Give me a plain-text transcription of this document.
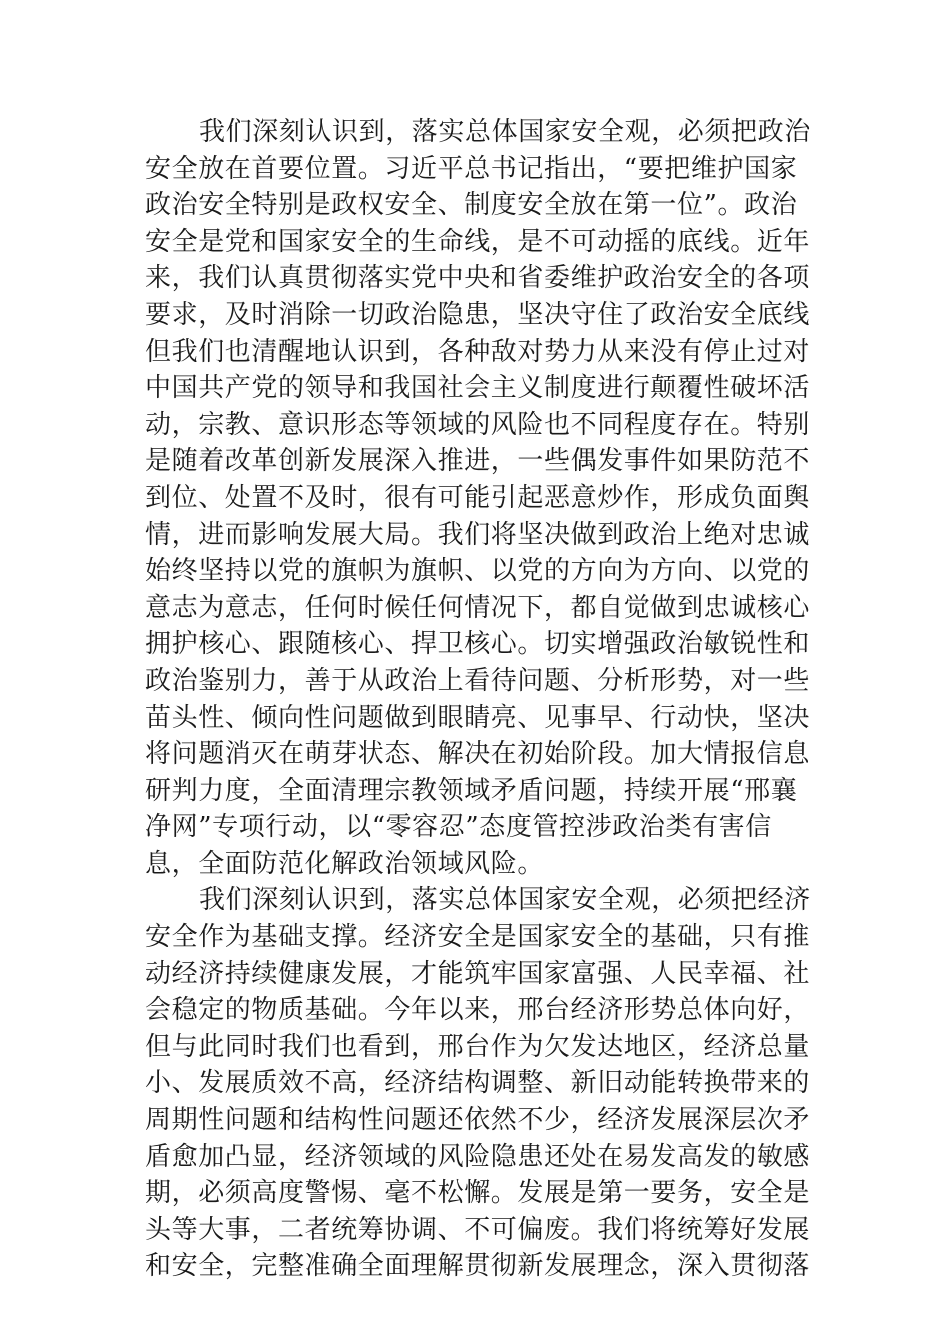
我们深刻认识到，落实总体国家安全观，必须把政治
安全放在首要位置。习近平总书记指出，“要把维护国家
政治安全特别是政权安全、制度安全放在第一位”。政治
安全是党和国家安全的生命线，是不可动摇的底线。近年
来，我们认真贯彻落实党中央和省委维护政治安全的各项
要求，及时消除一切政治隐患，坚决守住了政治安全底线
但我们也清醒地认识到，各种敌对势力从来没有停止过对
中国共产党的领导和我国社会主义制度进行颠覆性破坏活
动，宗教、意识形态等领域的风险也不同程度存在。特别
是随着改革创新发展深入推进，一些偶发事件如果防范不
到位、处置不及时，很有可能引起恶意炒作，形成负面舆
情，进而影响发展大局。我们将坚决做到政治上绝对忠诚
始终坚持以党的旗帜为旗帜、以党的方向为方向、以党的
意志为意志，任何时候任何情况下，都自觉做到忠诚核心
拥护核心、跟随核心、捍卫核心。切实增强政治敏锐性和
政治鉴别力，善于从政治上看待问题、分析形势，对一些
苗头性、倾向性问题做到眼睛亮、见事早、行动快，坚决
将问题消灭在萌芽状态、解决在初始阶段。加大情报信息
研判力度，全面清理宗教领域矛盾问题，持续开展“邢襄
净网”专项行动，以“零容忍”态度管控涉政治类有害信
息，全面防范化解政治领域风险。
我们深刻认识到，落实总体国家安全观，必须把经济
安全作为基础支撑。经济安全是国家安全的基础，只有推
动经济持续健康发展，才能筑牢国家富强、人民幸福、社
会稳定的物质基础。今年以来，邢台经济形势总体向好，
但与此同时我们也看到，邢台作为欠发达地区，经济总量
小、发展质效不高，经济结构调整、新旧动能转换带来的
周期性问题和结构性问题还依然不少，经济发展深层次矛
盾愈加凸显，经济领域的风险隐患还处在易发高发的敏感
期，必须高度警惕、毫不松懈。发展是第一要务，安全是
头等大事，二者统筹协调、不可偏废。我们将统筹好发展
和安全，完整准确全面理解贯彻新发展理念，深入贯彻落
